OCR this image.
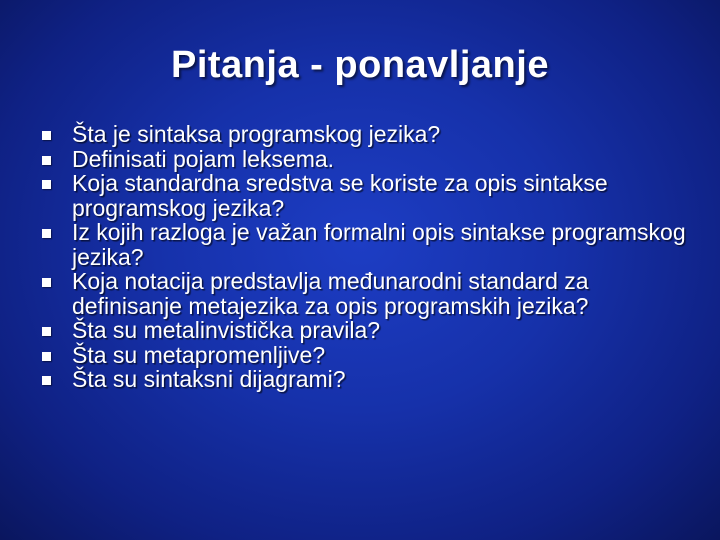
Pitanja - ponavljanje
Šta je sintaksa programskog jezika?
Definisati pojam leksema.
Koja standardna sredstva se koriste za opis sintakse programskog jezika?
Iz kojih razloga je važan formalni opis sintakse programskog jezika?
Koja notacija predstavlja međunarodni standard za definisanje metajezika za opis programskih jezika?
Šta su metalinvistička pravila?
Šta su metapromenljive?
Šta su sintaksni dijagrami?
